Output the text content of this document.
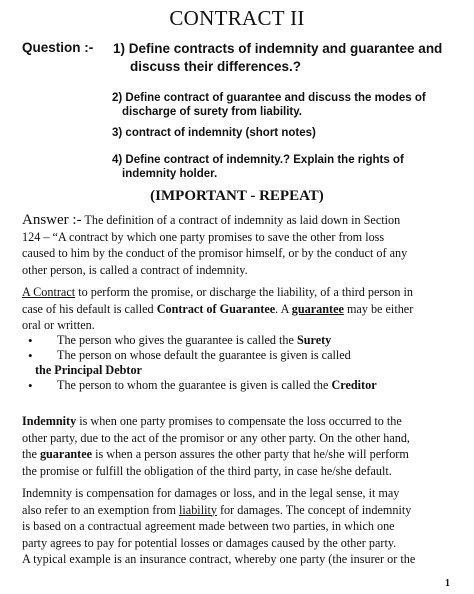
CONTRACT II
Question :- 1) Define contracts of indemnity and guarantee and
discuss their differences.?
2) Define contract of guarantee and discuss the modes of
discharge of surety from liability.
3) contract of indemnity (short notes)
4) Define contract of indemnity.? Explain the rights of
indemnity holder.
(IMPORTANT - REPEAT)
Answer :- The definition of a contract of indemnity as laid down in Section
124 – “A contract by which one party promises to save the other from loss
caused to him by the conduct of the promisor himself, or by the conduct of any
other person, is called a contract of indemnity.
A Contract to perform the promise, or discharge the liability, of a third person in
case of his default is called Contract of Guarantee. A guarantee may be either
oral or written.
• The person who gives the guarantee is called the Surety
• The person on whose default the guarantee is given is called
the Principal Debtor
• The person to whom the guarantee is given is called the Creditor
Indemnity is when one party promises to compensate the loss occurred to the
other party, due to the act of the promisor or any other party. On the other hand,
the guarantee is when a person assures the other party that he/she will perform
the promise or fulfill the obligation of the third party, in case he/she default.
Indemnity is compensation for damages or loss, and in the legal sense, it may
also refer to an exemption from liability for damages. The concept of indemnity
is based on a contractual agreement made between two parties, in which one
party agrees to pay for potential losses or damages caused by the other party.
A typical example is an insurance contract, whereby one party (the insurer or the
1
